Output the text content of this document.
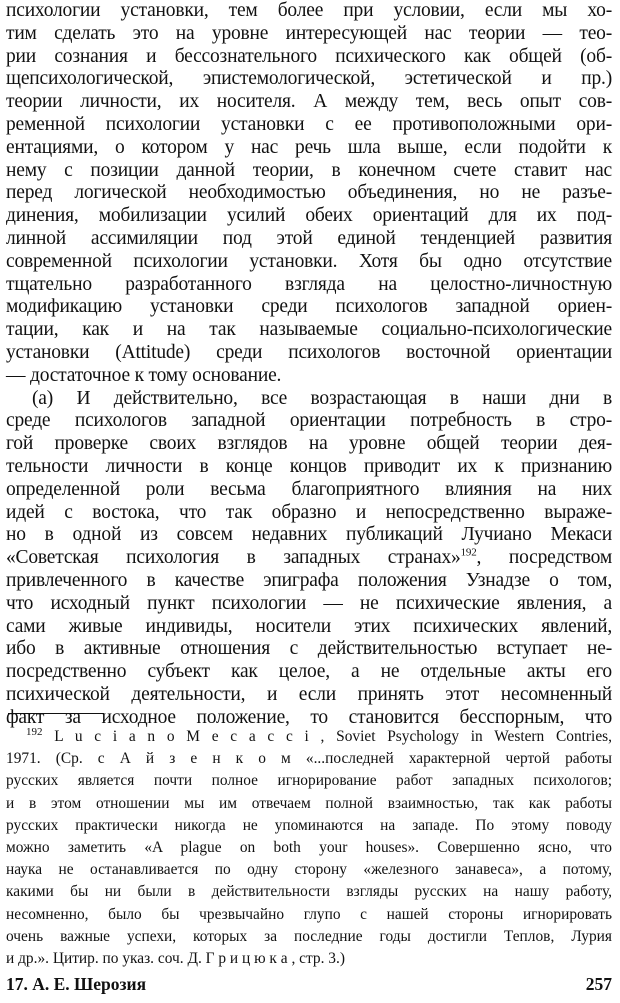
психологии установки, тем более при условии, если мы хо-
тим сделать это на уровне интересующей нас теории — тео-
рии сознания и бессознательного психического как общей (об-
щепсихологической, эпистемологической, эстетической и пр.)
теории личности, их носителя. А между тем, весь опыт сов-
ременной психологии установки с ее противоположными ори-
ентациями, о котором у нас речь шла выше, если подойти к
нему с позиции данной теории, в конечном счете ставит нас
перед логической необходимостью объединения, но не разъе-
динения, мобилизации усилий обеих ориентаций для их под-
линной ассимиляции под этой единой тенденцией развития
современной психологии установки. Хотя бы одно отсутствие
тщательно разработанного взгляда на целостно-личностную
модификацию установки среди психологов западной ориен-
тации, как и на так называемые социально-психологические
установки (Attitude) среди психологов восточной ориентации
— достаточное к тому основание.
(а) И действительно, все возрастающая в наши дни в
среде психологов западной ориентации потребность в стро-
гой проверке своих взглядов на уровне общей теории дея-
тельности личности в конце концов приводит их к признанию
определенной роли весьма благоприятного влияния на них
идей с востока, что так образно и непосредственно выраже-
но в одной из совсем недавних публикаций Лучиано Мекаси
«Советская психология в западных странах»$^{192}$, посредством
привлеченного в качестве эпиграфа положения Узнадзе о том,
что исходный пункт психологии — не психические явления, а
сами живые индивиды, носители этих психических явлений,
ибо в активные отношения с действительностью вступает не-
посредственно субъект как целое, а не отдельные акты его
психической деятельности, и если принять этот несомненный
факт за исходное положение, то становится бесспорным, что
$^{192}$ L u c i a n o M e c a c c i , Soviet Psychology in Western Contries,
1971. (Ср. с А й з е н к о м «...последней характерной чертой работы
русских является почти полное игнорирование работ западных психологов;
и в этом отношении мы им отвечаем полной взаимностью, так как работы
русских практически никогда не упоминаются на западе. По этому поводу
можно заметить «A plague on both your houses». Совершенно ясно, что
наука не останавливается по одну сторону «железного занавеса», а потому,
какими бы ни были в действительности взгляды русских на нашу работу,
несомненно, было бы чрезвычайно глупо с нашей стороны игнорировать
очень важные успехи, которых за последние годы достигли Теплов, Лурия
и др.». Цитир. по указ. соч. Д. Г р и ц ю к а , стр. 3.)
17. А. Е. Шерозия	257
